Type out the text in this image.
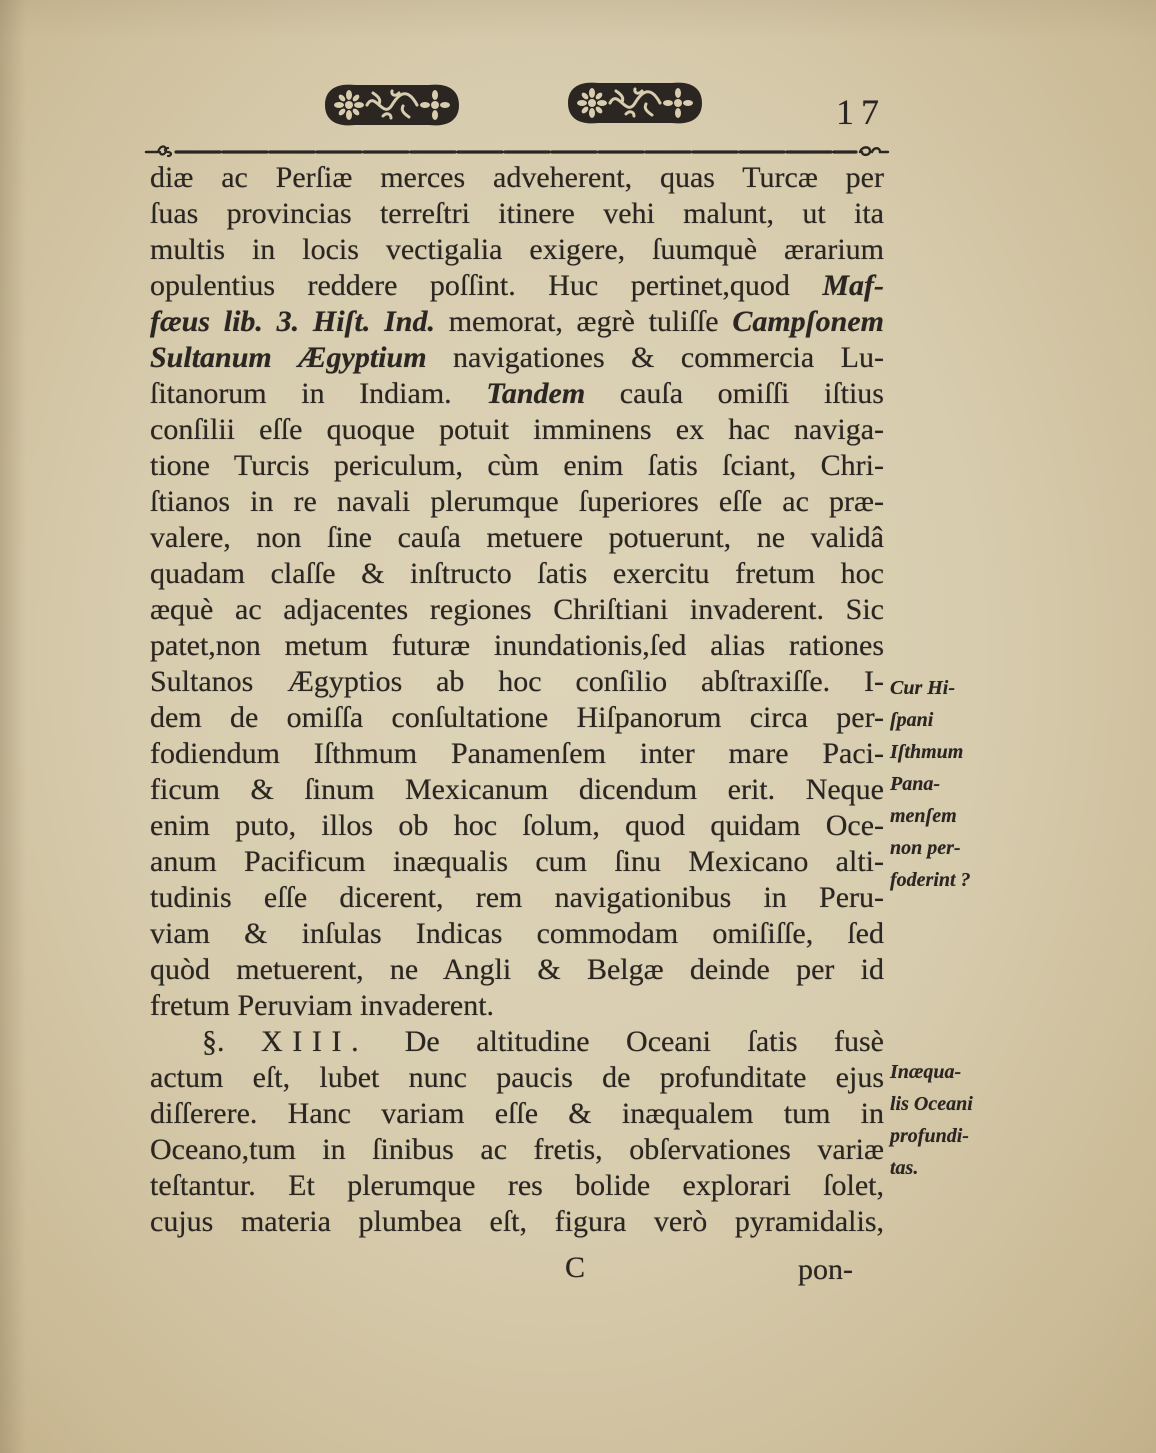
17
diæ ac Perſiæ merces adveherent, quas Turcæ per
ſuas provincias terreſtri itinere vehi malunt, ut ita
multis in locis vectigalia exigere, ſuumquè ærarium
opulentius reddere poſſint. Huc pertinet,quod Maf-
fæus lib. 3. Hiſt. Ind. memorat, ægrè tuliſſe Campſonem
Sultanum Ægyptium navigationes & commercia Lu-
ſitanorum in Indiam. Tandem cauſa omiſſi iſtius
conſilii eſſe quoque potuit imminens ex hac naviga-
tione Turcis periculum, cùm enim ſatis ſciant, Chri-
ſtianos in re navali plerumque ſuperiores eſſe ac præ-
valere, non ſine cauſa metuere potuerunt, ne validâ
quadam claſſe & inſtructo ſatis exercitu fretum hoc
æquè ac adjacentes regiones Chriſtiani invaderent. Sic
patet,non metum futuræ inundationis,ſed alias rationes
Sultanos Ægyptios ab hoc conſilio abſtraxiſſe. I-
dem de omiſſa conſultatione Hiſpanorum circa per-
fodiendum Iſthmum Panamenſem inter mare Paci-
ficum & ſinum Mexicanum dicendum erit. Neque
enim puto, illos ob hoc ſolum, quod quidam Oce-
anum Pacificum inæqualis cum ſinu Mexicano alti-
tudinis eſſe dicerent, rem navigationibus in Peru-
viam & inſulas Indicas commodam omiſiſſe, ſed
quòd metuerent, ne Angli & Belgæ deinde per id
fretum Peruviam invaderent.
§. XIII. De altitudine Oceani ſatis fusè
actum eſt, lubet nunc paucis de profunditate ejus
diſſerere. Hanc variam eſſe & inæqualem tum in
Oceano,tum in ſinibus ac fretis, obſervationes variæ
teſtantur. Et plerumque res bolide explorari ſolet,
cujus materia plumbea eſt, figura verò pyramidalis,
Cur Hi-
ſpani
Iſthmum
Pana-
menſem
non per-
foderint ?
Inæqua-
lis Oceani
profundi-
tas.
C	pon-
